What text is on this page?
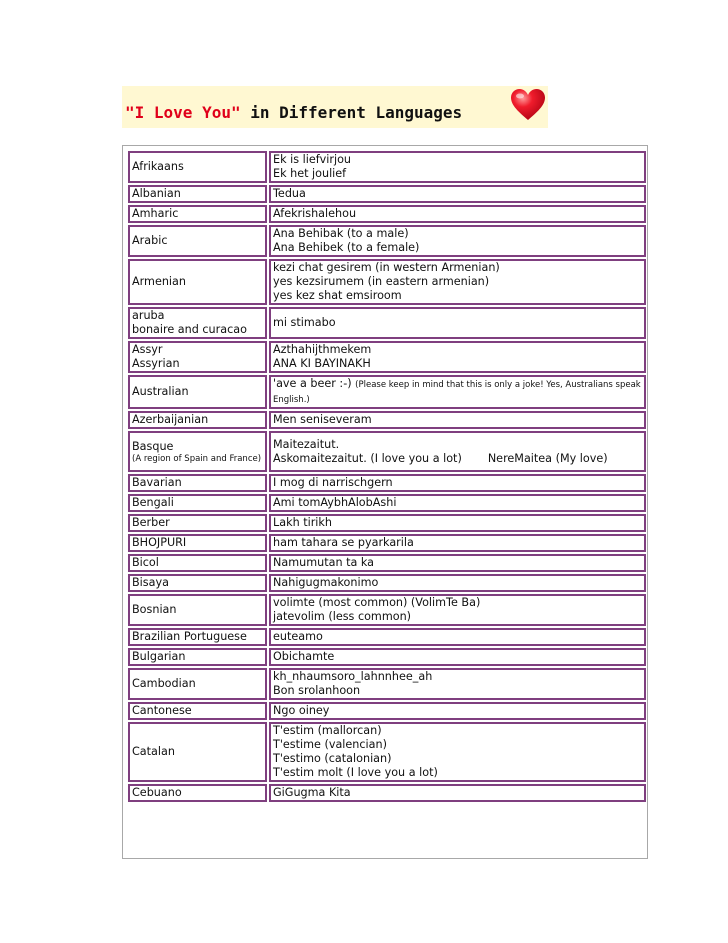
"I Love You" in Different Languages
Afrikaans	Ek is liefvirjou
Ek het joulief

Albanian	Tedua

Amharic	Afekrishalehou

Arabic	Ana Behibak (to a male)
Ana Behibek (to a female)

Armenian	kezi chat gesirem (in western Armenian)
yes kezsirumem (in eastern armenian)
yes kez shat emsiroom

aruba
bonaire and curacao	mi stimabo

Assyr
Assyrian	Azthahijthmekem
ANA KI BAYINAKH

Australian	'ave a beer :-) (Please keep in mind that this is only a joke! Yes, Australians speak English.)

Azerbaijanian	Men seniseveram

Basque
(A region of Spain and France)	Maitezaitut.
Askomaitezaitut. (I love you a lot) NereMaitea (My love)

Bavarian	I mog di narrischgern

Bengali	Ami tomAybhAlobAshi

Berber	Lakh tirikh

BHOJPURI	ham tahara se pyarkarila

Bicol	Namumutan ta ka

Bisaya	Nahigugmakonimo

Bosnian	volimte (most common) (VolimTe Ba)
jatevolim (less common)

Brazilian Portuguese	euteamo

Bulgarian	Obichamte

Cambodian	kh_nhaumsoro_lahnnhee_ah
Bon srolanhoon

Cantonese	Ngo oiney

Catalan	T'estim (mallorcan)
T'estime (valencian)
T'estimo (catalonian)
T'estim molt (I love you a lot)

Cebuano	GiGugma Kita
